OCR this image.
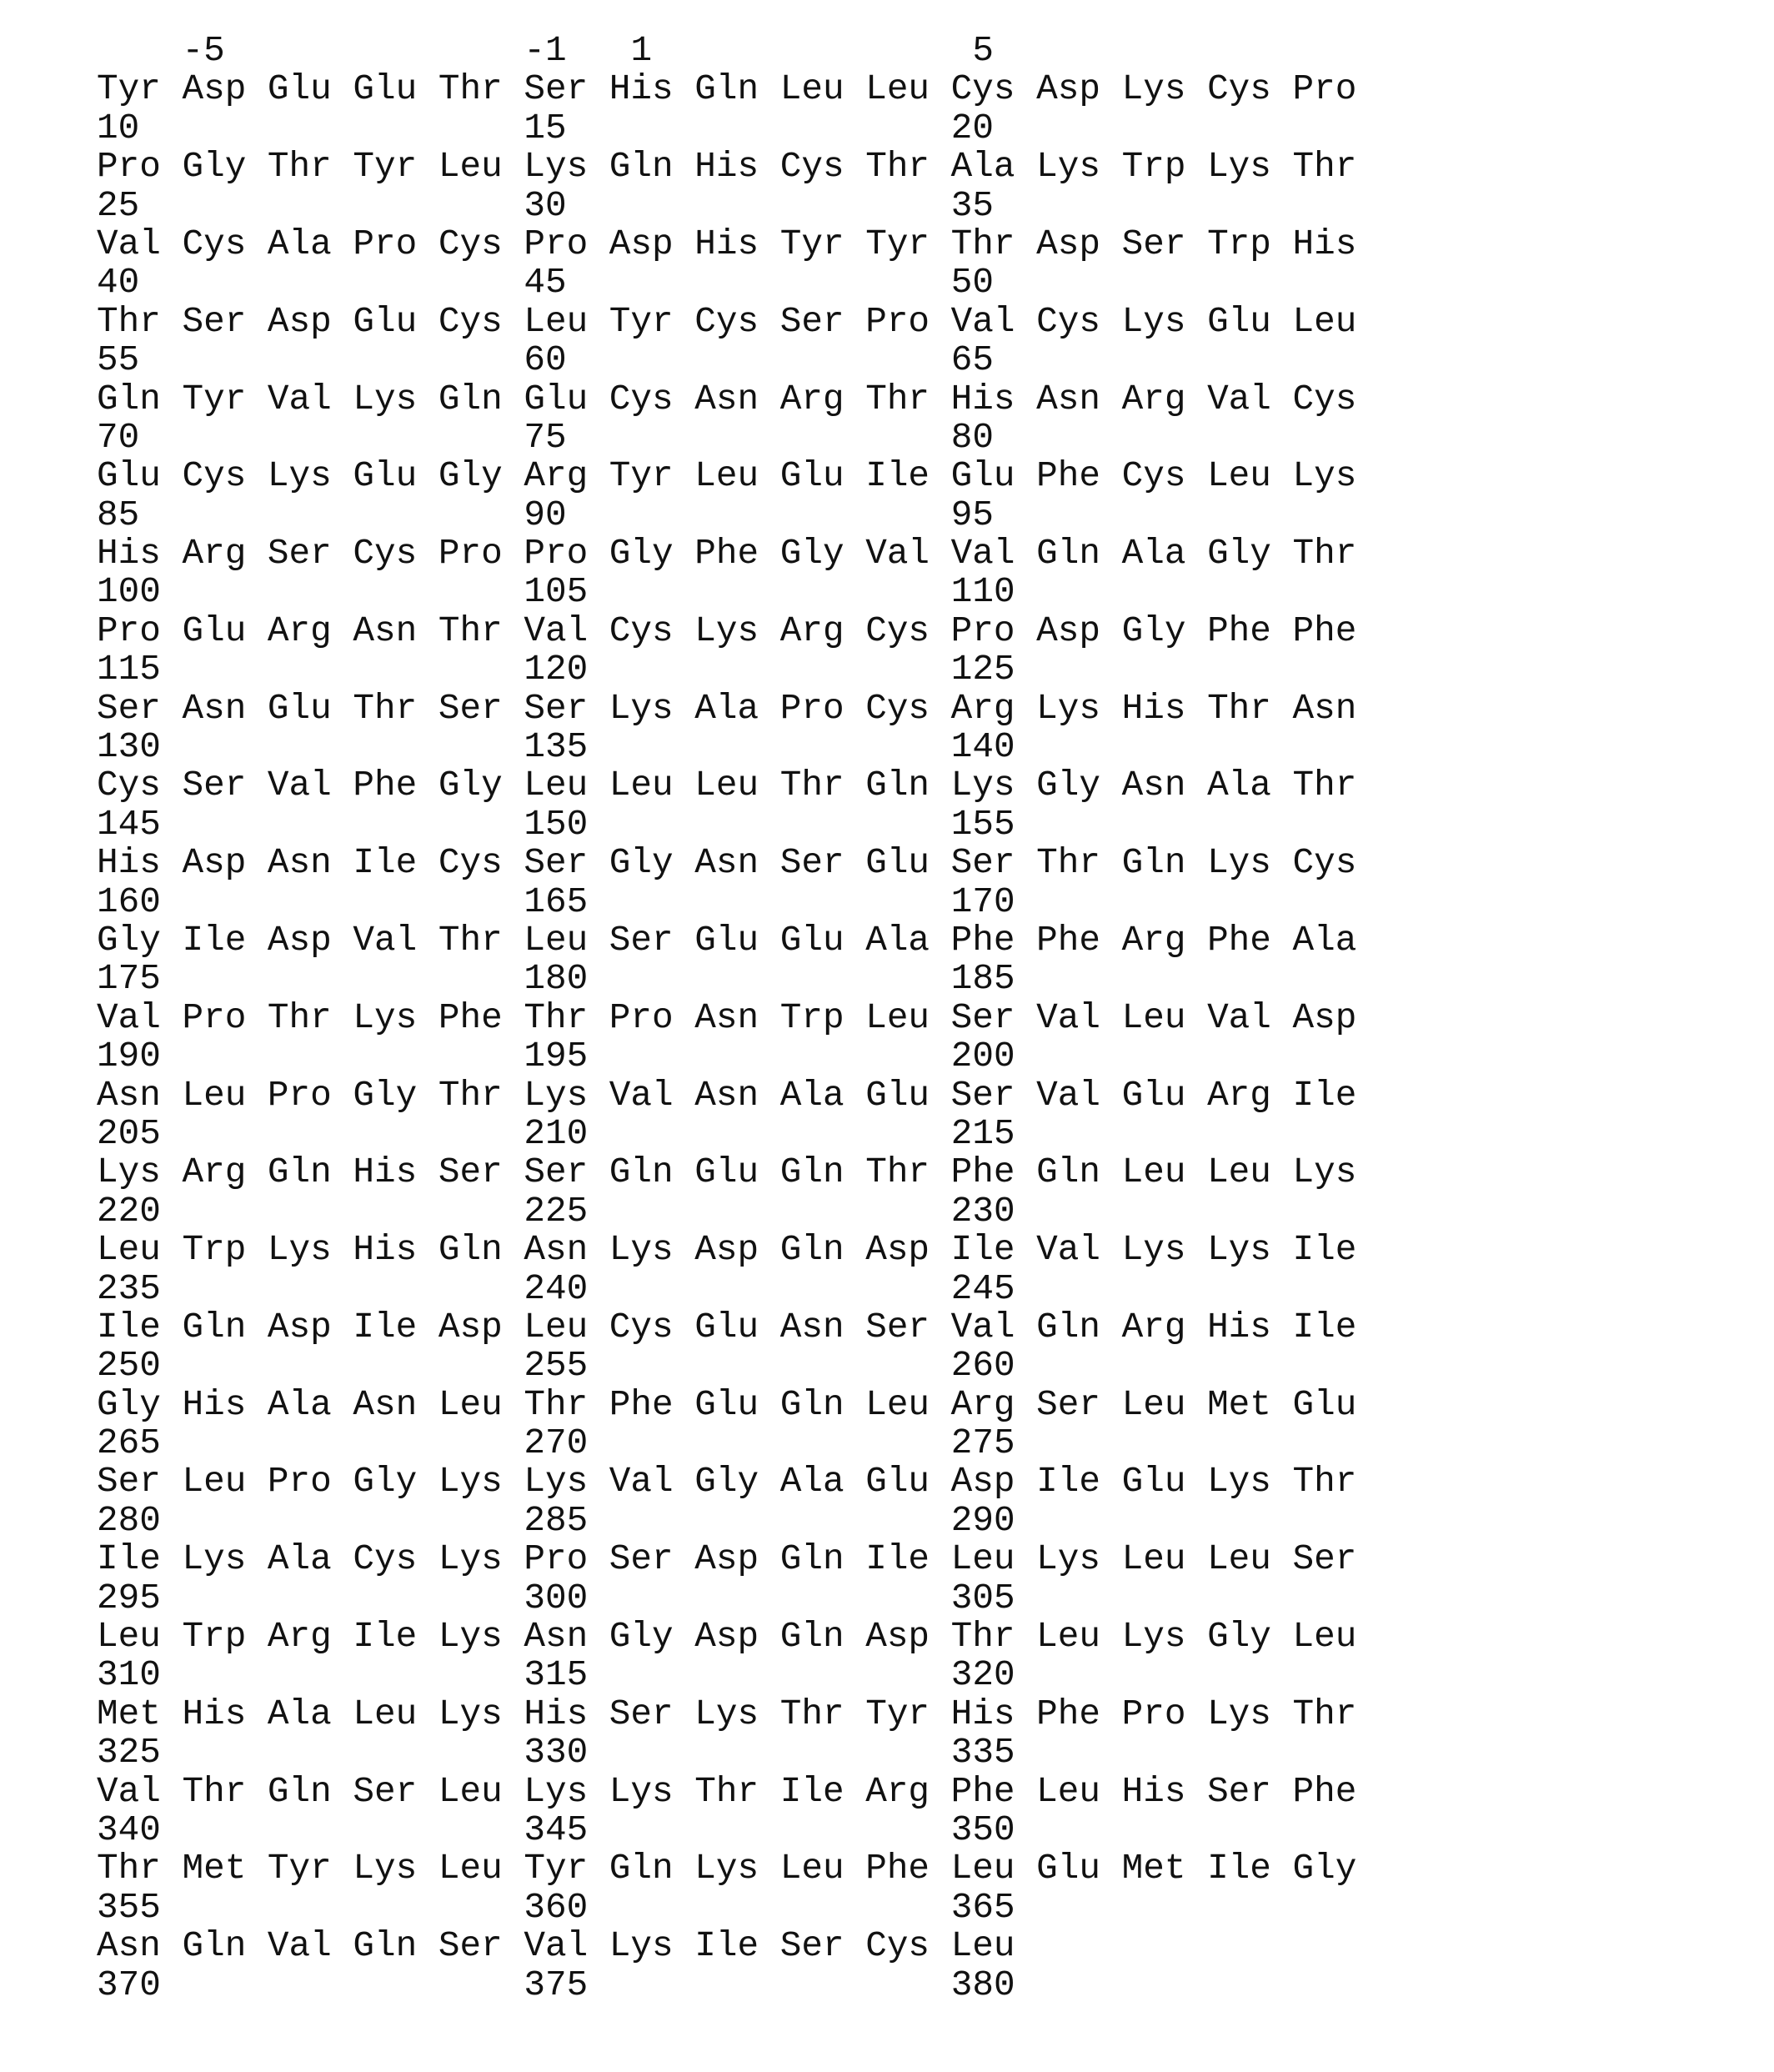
-5

	-1

1

	5

Tyr Asp Glu Glu Thr Ser His Gln Leu Leu Cys Asp Lys Cys Pro
10	15	20
Pro Gly Thr Tyr Leu Lys Gln His Cys Thr Ala Lys Trp Lys Thr
25	30	35
Val Cys Ala Pro Cys Pro Asp His Tyr Tyr Thr Asp Ser Trp His
40	45	50
Thr Ser Asp Glu Cys Leu Tyr Cys Ser Pro Val Cys Lys Glu Leu
55	60	65
Gln Tyr Val Lys Gln Glu Cys Asn Arg Thr His Asn Arg Val Cys
70	75	80
Glu Cys Lys Glu Gly Arg Tyr Leu Glu Ile Glu Phe Cys Leu Lys
85	90	95
His Arg Ser Cys Pro Pro Gly Phe Gly Val Val Gln Ala Gly Thr
100	105	110
Pro Glu Arg Asn Thr Val Cys Lys Arg Cys Pro Asp Gly Phe Phe
115	120	125
Ser Asn Glu Thr Ser Ser Lys Ala Pro Cys Arg Lys His Thr Asn
130	135	140
Cys Ser Val Phe Gly Leu Leu Leu Thr Gln Lys Gly Asn Ala Thr
145	150	155
His Asp Asn Ile Cys Ser Gly Asn Ser Glu Ser Thr Gln Lys Cys
160	165	170
Gly Ile Asp Val Thr Leu Ser Glu Glu Ala Phe Phe Arg Phe Ala
175	180	185
Val Pro Thr Lys Phe Thr Pro Asn Trp Leu Ser Val Leu Val Asp
190	195	200
Asn Leu Pro Gly Thr Lys Val Asn Ala Glu Ser Val Glu Arg Ile
205	210	215
Lys Arg Gln His Ser Ser Gln Glu Gln Thr Phe Gln Leu Leu Lys
220	225	230
Leu Trp Lys His Gln Asn Lys Asp Gln Asp Ile Val Lys Lys Ile
235	240	245
Ile Gln Asp Ile Asp Leu Cys Glu Asn Ser Val Gln Arg His Ile
250	255	260
Gly His Ala Asn Leu Thr Phe Glu Gln Leu Arg Ser Leu Met Glu
265	270	275
Ser Leu Pro Gly Lys Lys Val Gly Ala Glu Asp Ile Glu Lys Thr
280	285	290
Ile Lys Ala Cys Lys Pro Ser Asp Gln Ile Leu Lys Leu Leu Ser
295	300	305
Leu Trp Arg Ile Lys Asn Gly Asp Gln Asp Thr Leu Lys Gly Leu
310	315	320
Met His Ala Leu Lys His Ser Lys Thr Tyr His Phe Pro Lys Thr
325	330	335
Val Thr Gln Ser Leu Lys Lys Thr Ile Arg Phe Leu His Ser Phe
340	345	350
Thr Met Tyr Lys Leu Tyr Gln Lys Leu Phe Leu Glu Met Ile Gly
355	360	365
Asn Gln Val Gln Ser Val Lys Ile Ser Cys Leu
370	375	380
